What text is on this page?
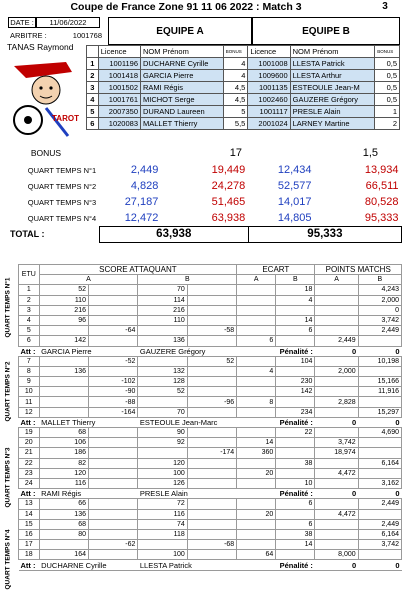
Coupe de France Zone 91 11 06 2022 : Match 3	3
DATE :	11/06/2022
ARBITRE :	1001768
TANAS Raymond
TAROT
EQUIPE A	EQUIPE B
	Licence	NOM Prénom	BONUS	Licence	NOM Prénom	BONUS
1	1001196	DUCHARNE Cyrille	4	1001008	LLESTA Patrick	0,5
2	1001418	GARCIA Pierre	4	1009600	LLESTA Arthur	0,5
3	1001502	RAMI Régis	4,5	1001135	ESTEOULE Jean-M	0,5
4	1001761	MICHOT Serge	4,5	1002460	GAUZERE Grégory	0,5
5	2007350	DURAND Laureen	5	1001117	PRESLE Alain	1
6	1020083	MALLET Thierry	5,5	2001024	LARNEY Martine	2
BONUS	17	1,5
QUART TEMPS N°1	2,449	19,449	12,434	13,934
QUART TEMPS N°2	4,828	24,278	52,577	66,511
QUART TEMPS N°3	27,187	51,465	14,017	80,528
QUART TEMPS N°4	12,472	63,938	14,805	95,333
TOTAL :	63,938		95,333	
ETU	SCORE ATTAQUANT				ECART		POINTS MATCHS	
	A		B		A	B	A	B
1	52		70			18		4,243
2	110		114			4		2,000
3	216		216					0
4	96		110			14		3,742
5		-64		-58		6		2,449
6	142		136		6		2,449	
Att :	GARCIA Pierre		GAUZERE Grégory		Pénalité :		0	0
7		-52		52		104		10,198
8	136		132		4		2,000	
9		-102	128			230		15,166
10		-90	52			142		11,916
11		-88		-96	8		2,828	
12		-164	70			234		15,297
Att :	MALLET Thierry		ESTEOULE Jean-Marc		Pénalité :		0	0
19	68		90			22		4,690
20	106		92		14		3,742	
21	186			-174	360		18,974	
22	82		120			38		6,164
23	120		100		20		4,472	
24	116		126			10		3,162
Att :	RAMI Régis		PRESLE Alain		Pénalité :		0	0
13	66		72			6		2,449
14	136		116		20		4,472	
15	68		74			6		2,449
16	80		118			38		6,164
17		-62		-68		14		3,742
18	164		100		64		8,000	
Att :	DUCHARNE Cyrille		LLESTA Patrick		Pénalité :		0	0
QUART TEMPS N°1
QUART TEMPS N°2
QUART TEMPS N°3
QUART TEMPS N°4
